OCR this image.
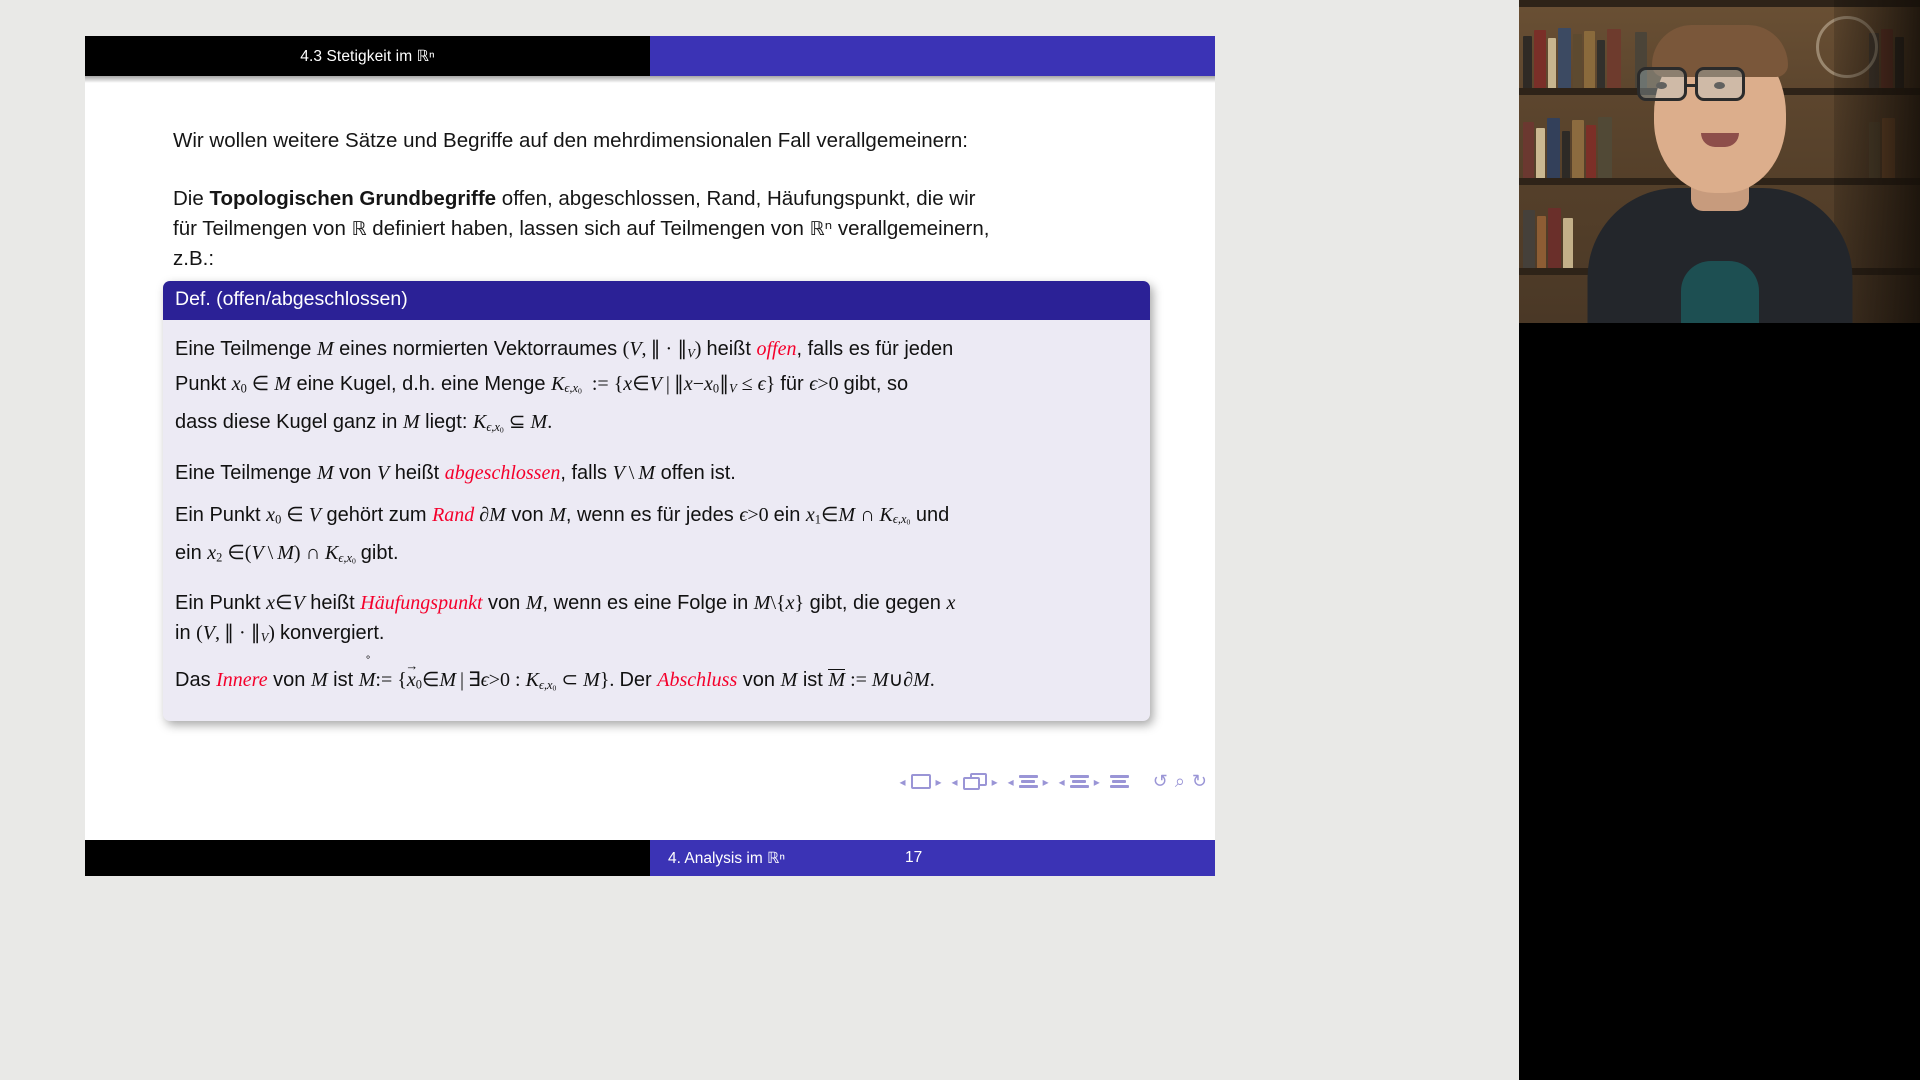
4.3 Stetigkeit im ℝⁿ

Wir wollen weitere Sätze und Begriffe auf den mehrdimensionalen Fall verallgemeinern:

Die Topologischen Grundbegriffe offen, abgeschlossen, Rand, Häufungspunkt, die wir
für Teilmengen von ℝ definiert haben, lassen sich auf Teilmengen von ℝⁿ verallgemeinern,
z.B.:

Def. (offen/abgeschlossen)
Eine Teilmenge M eines normierten Vektorraumes (V, ∥ · $\parallel_V$) heißt offen, falls es für jeden
Punkt $x_0$ ∈ M eine Kugel, d.h. eine Menge $K_{\epsilon,x_0}$  := {x∈V | $\parallel x-x_0\parallel_V \le \epsilon$} für ϵ>0 gibt, so
dass diese Kugel ganz in M liegt: $K_{\epsilon,x_0}$ ⊆ M.
Eine Teilmenge M von V heißt abgeschlossen, falls V \ M offen ist.
Ein Punkt $x_0$ ∈ V gehört zum Rand ∂M von M, wenn es für jedes ϵ>0 ein $x_1\in M$ ∩ $K_{\epsilon,x_0}$ und
ein $x_2$ ∈(V \ M) ∩ $K_{\epsilon,x_0}$ gibt.
Ein Punkt x∈V heißt Häufungspunkt von M, wenn es eine Folge in M\{x} gibt, die gegen x
in (V, ∥ · $\parallel_V$) konvergiert.
Das Innere von M ist ˚ M:= {→ $x_0\in M$ | ∃ϵ>0 : $K_{\epsilon,x_0}$ ⊂ M}. Der Abschluss von M ist M := M∪∂M.
◂	▸ ◂	▸ ◂ ▸ ◂ ▸	↺ ⌕ ↻
4. Analysis im ℝⁿ	17
